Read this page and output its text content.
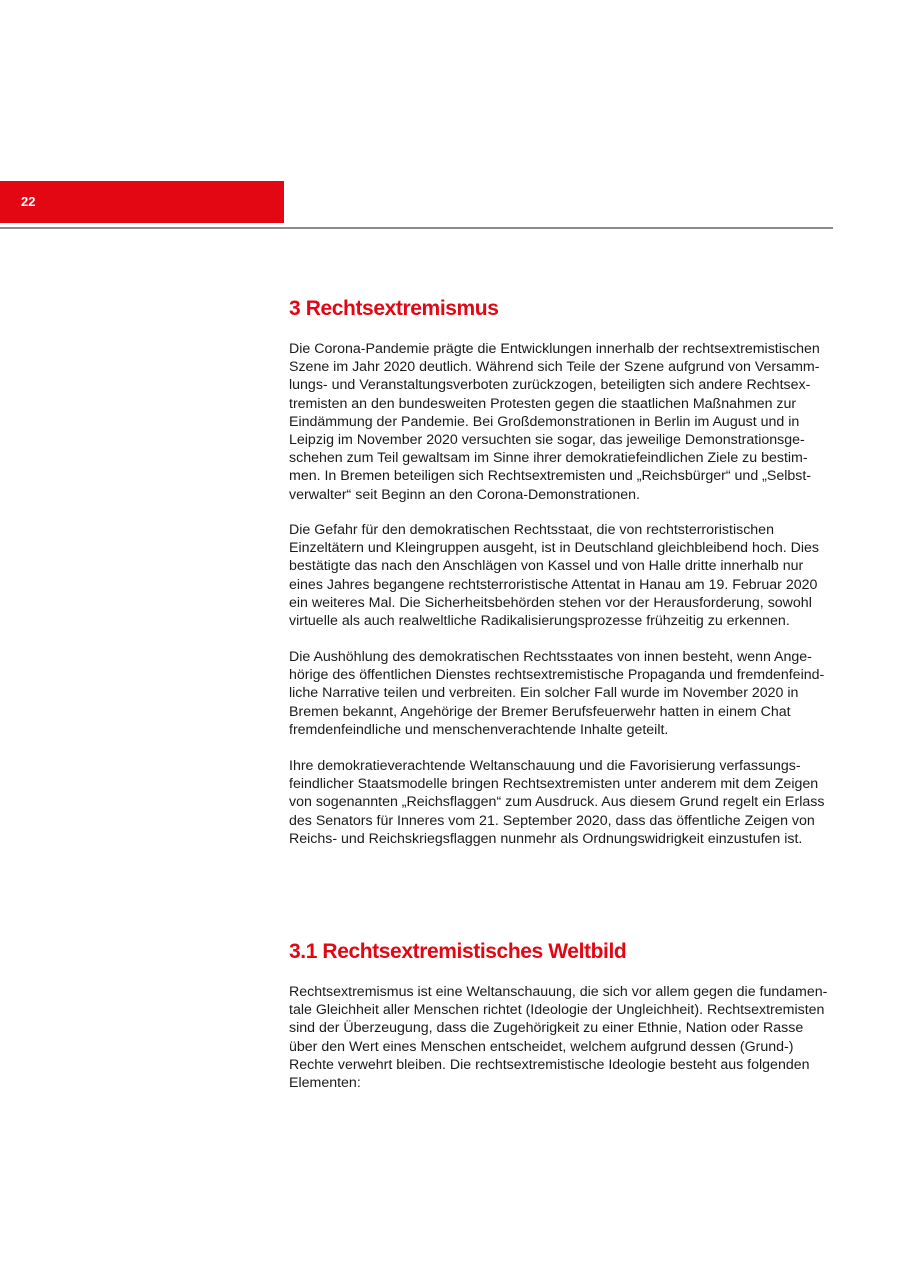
22
3 Rechtsextremismus

Die Corona-Pandemie prägte die Entwicklungen innerhalb der rechtsextremistischen
Szene im Jahr 2020 deutlich. Während sich Teile der Szene aufgrund von Versamm-
lungs- und Veranstaltungsverboten zurückzogen, beteiligten sich andere Rechtsex-
tremisten an den bundesweiten Protesten gegen die staatlichen Maßnahmen zur
Eindämmung der Pandemie. Bei Großdemonstrationen in Berlin im August und in
Leipzig im November 2020 versuchten sie sogar, das jeweilige Demonstrationsge-
schehen zum Teil gewaltsam im Sinne ihrer demokratiefeindlichen Ziele zu bestim-
men. In Bremen beteiligen sich Rechtsextremisten und „Reichsbürger“ und „Selbst-
verwalter“ seit Beginn an den Corona-Demonstrationen.

Die Gefahr für den demokratischen Rechtsstaat, die von rechtsterroristischen
Einzeltätern und Kleingruppen ausgeht, ist in Deutschland gleichbleibend hoch. Dies
bestätigte das nach den Anschlägen von Kassel und von Halle dritte innerhalb nur
eines Jahres begangene rechtsterroristische Attentat in Hanau am 19. Februar 2020
ein weiteres Mal. Die Sicherheitsbehörden stehen vor der Herausforderung, sowohl
virtuelle als auch realweltliche Radikalisierungsprozesse frühzeitig zu erkennen.

Die Aushöhlung des demokratischen Rechtsstaates von innen besteht, wenn Ange-
hörige des öffentlichen Dienstes rechtsextremistische Propaganda und fremdenfeind-
liche Narrative teilen und verbreiten. Ein solcher Fall wurde im November 2020 in
Bremen bekannt, Angehörige der Bremer Berufsfeuerwehr hatten in einem Chat
fremdenfeindliche und menschenverachtende Inhalte geteilt.

Ihre demokratieverachtende Weltanschauung und die Favorisierung verfassungs-
feindlicher Staatsmodelle bringen Rechtsextremisten unter anderem mit dem Zeigen
von sogenannten „Reichsflaggen“ zum Ausdruck. Aus diesem Grund regelt ein Erlass
des Senators für Inneres vom 21. September 2020, dass das öffentliche Zeigen von
Reichs- und Reichskriegsflaggen nunmehr als Ordnungswidrigkeit einzustufen ist.

3.1 Rechtsextremistisches Weltbild

Rechtsextremismus ist eine Weltanschauung, die sich vor allem gegen die fundamen-
tale Gleichheit aller Menschen richtet (Ideologie der Ungleichheit). Rechtsextremisten
sind der Überzeugung, dass die Zugehörigkeit zu einer Ethnie, Nation oder Rasse
über den Wert eines Menschen entscheidet, welchem aufgrund dessen (Grund-)
Rechte verwehrt bleiben. Die rechtsextremistische Ideologie besteht aus folgenden
Elementen:
